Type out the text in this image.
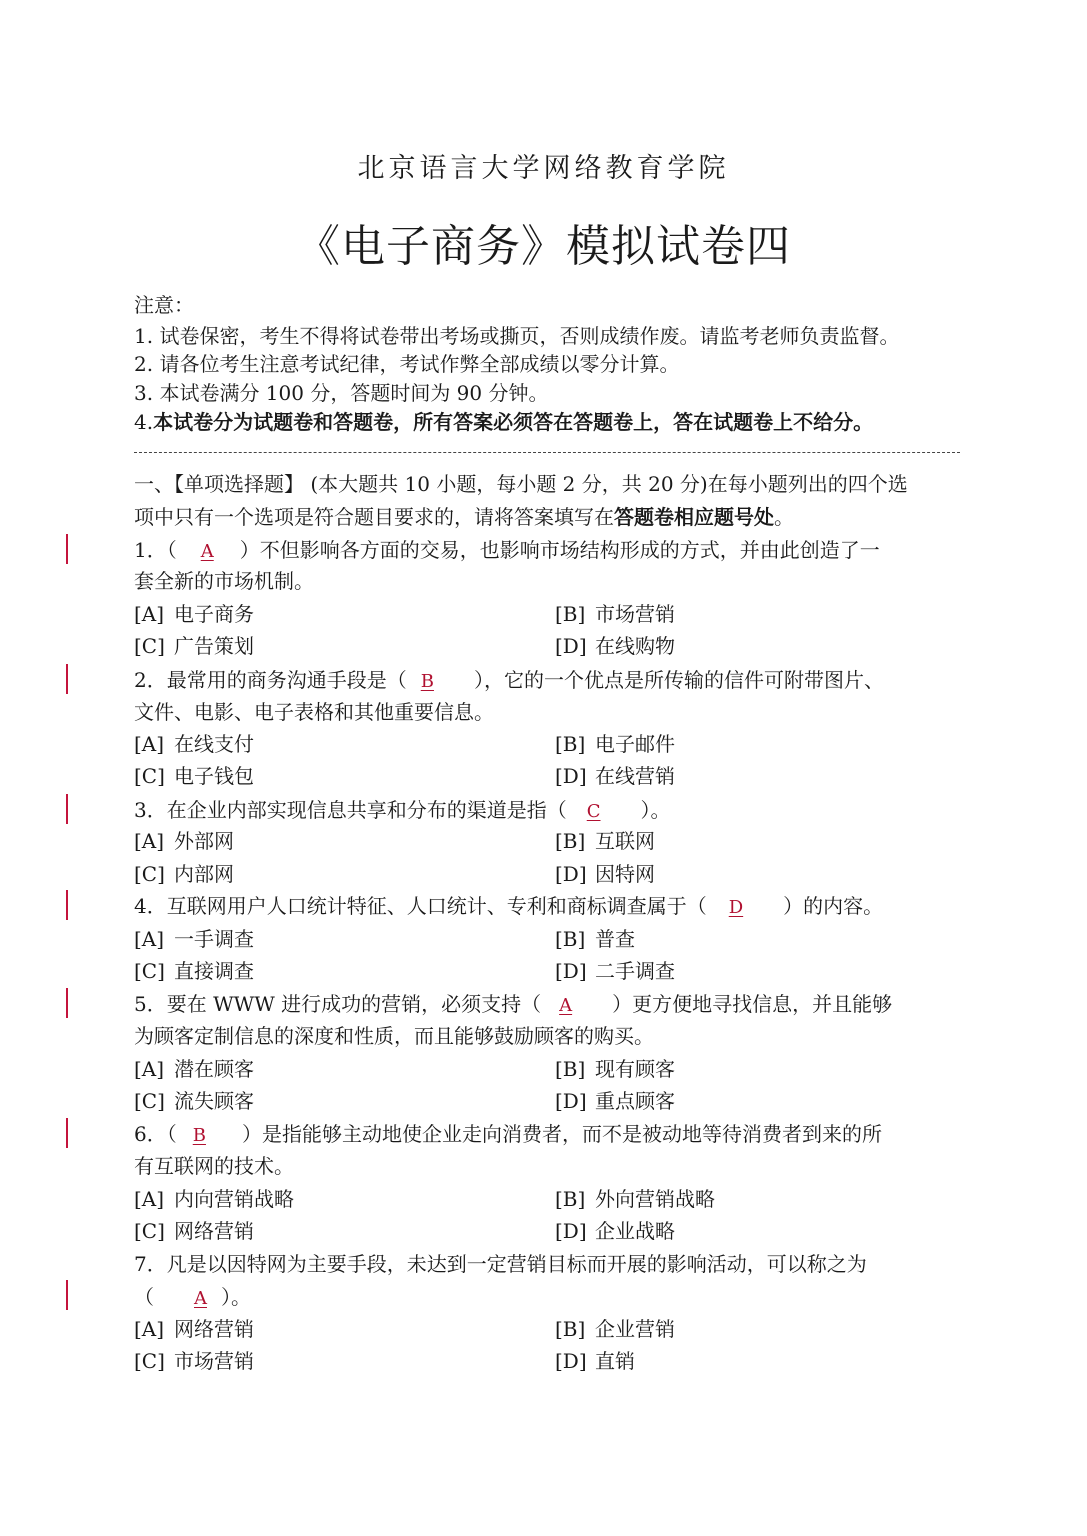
北京语言大学网络教育学院
《电子商务》模拟试卷四
注意：
1. 试卷保密，考生不得将试卷带出考场或撕页，否则成绩作废。请监考老师负责监督。
2. 请各位考生注意考试纪律，考试作弊全部成绩以零分计算。
3. 本试卷满分 100 分，答题时间为 90 分钟。
4.本试卷分为试题卷和答题卷，所有答案必须答在答题卷上，答在试题卷上不给分。
一、【单项选择题】 (本大题共 10 小题，每小题 2 分，共 20 分)在每小题列出的四个选
项中只有一个选项是符合题目要求的，请将答案填写在答题卷相应题号处。
1．（ A ）不但影响各方面的交易，也影响市场结构形成的方式，并由此创造了一
套全新的市场机制。
[A] 电子商务	[B] 市场营销
[C] 广告策划	[D] 在线购物
2．最常用的商务沟通手段是（ B ），它的一个优点是所传输的信件可附带图片、
文件、电影、电子表格和其他重要信息。
[A] 在线支付	[B] 电子邮件
[C] 电子钱包	[D] 在线营销
3．在企业内部实现信息共享和分布的渠道是指（ C ）。
[A] 外部网	[B] 互联网
[C] 内部网	[D] 因特网
4．互联网用户人口统计特征、人口统计、专利和商标调查属于（ D ）的内容。
[A] 一手调查	[B] 普查
[C] 直接调查	[D] 二手调查
5．要在 WWW 进行成功的营销，必须支持（ A ）更方便地寻找信息，并且能够
为顾客定制信息的深度和性质，而且能够鼓励顾客的购买。
[A] 潜在顾客	[B] 现有顾客
[C] 流失顾客	[D] 重点顾客
6．（ B ）是指能够主动地使企业走向消费者，而不是被动地等待消费者到来的所
有互联网的技术。
[A] 内向营销战略	[B] 外向营销战略
[C] 网络营销	[D] 企业战略
7．凡是以因特网为主要手段，未达到一定营销目标而开展的影响活动，可以称之为
（ A ）。
[A] 网络营销	[B] 企业营销
[C] 市场营销	[D] 直销
